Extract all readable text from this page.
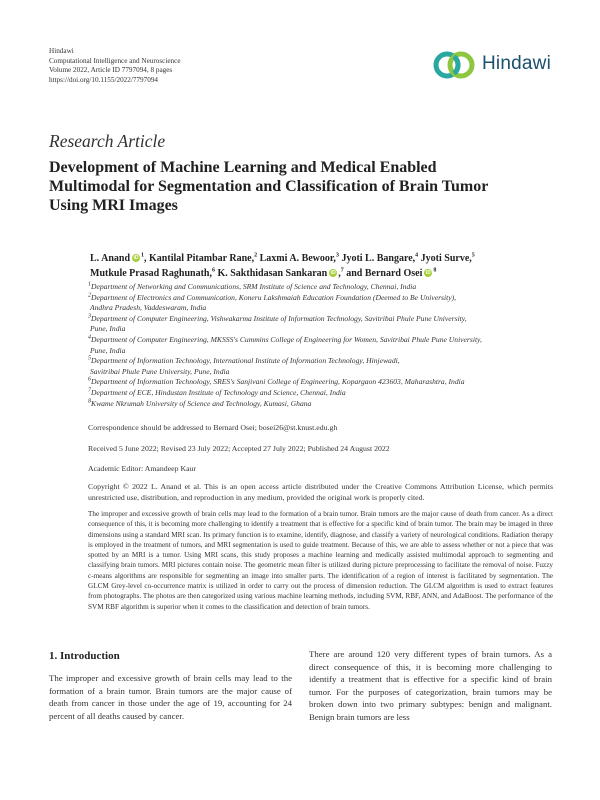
Hindawi
Computational Intelligence and Neuroscience
Volume 2022, Article ID 7797094, 8 pages
https://doi.org/10.1155/2022/7797094
Hindawi
Research Article
Development of Machine Learning and Medical Enabled
Multimodal for Segmentation and Classification of Brain Tumor
Using MRI Images
L. Anand iD $^1$, Kantilal Pitambar Rane,$^2$ Laxmi A. Bewoor,$^3$ Jyoti L. Bangare,$^4$ Jyoti Surve,$^5$
Mutkule Prasad Raghunath,$^6$ K. Sakthidasan Sankaran iD ,$^7$ and Bernard Osei iD $^8$
$^1$Department of Networking and Communications, SRM Institute of Science and Technology, Chennai, India
$^2$Department of Electronics and Communication, Koneru Lakshmaiah Education Foundation (Deemed to Be University),
Andhra Pradesh, Vaddeswaram, India
$^3$Department of Computer Engineering, Vishwakarma Institute of Information Technology, Savitribai Phule Pune University,
Pune, India
$^4$Department of Computer Engineering, MKSSS's Cummins College of Engineering for Women, Savitribai Phule Pune University,
Pune, India
$^5$Department of Information Technology, International Institute of Information Technology, Hinjewadi,
Savitribai Phule Pune University, Pune, India
$^6$Department of Information Technology, SRES's Sanjivani College of Engineering, Kopargaon 423603, Maharashtra, India
$^7$Department of ECE, Hindustan Institute of Technology and Science, Chennai, India
$^8$Kwame Nkrumah University of Science and Technology, Kumasi, Ghana
Correspondence should be addressed to Bernard Osei; bosei26@st.knust.edu.gh
Received 5 June 2022; Revised 23 July 2022; Accepted 27 July 2022; Published 24 August 2022
Academic Editor: Amandeep Kaur
Copyright © 2022 L. Anand et al. This is an open access article distributed under the Creative Commons Attribution License, which permits unrestricted use, distribution, and reproduction in any medium, provided the original work is properly cited.

The improper and excessive growth of brain cells may lead to the formation of a brain tumor. Brain tumors are the major cause of death from cancer. As a direct consequence of this, it is becoming more challenging to identify a treatment that is effective for a specific kind of brain tumor. The brain may be imaged in three dimensions using a standard MRI scan. Its primary function is to examine, identify, diagnose, and classify a variety of neurological conditions. Radiation therapy is employed in the treatment of tumors, and MRI segmentation is used to guide treatment. Because of this, we are able to assess whether or not a piece that was spotted by an MRI is a tumor. Using MRI scans, this study proposes a machine learning and medically assisted multimodal approach to segmenting and classifying brain tumors. MRI pictures contain noise. The geometric mean filter is utilized during picture preprocessing to facilitate the removal of noise. Fuzzy c-means algorithms are responsible for segmenting an image into smaller parts. The identification of a region of interest is facilitated by segmentation. The GLCM Grey-level co-occurrence matrix is utilized in order to carry out the process of dimension reduction. The GLCM algorithm is used to extract features from photographs. The photos are then categorized using various machine learning methods, including SVM, RBF, ANN, and AdaBoost. The performance of the SVM RBF algorithm is superior when it comes to the classification and detection of brain tumors.

1. Introduction

The improper and excessive growth of brain cells may lead to the formation of a brain tumor. Brain tumors are the major cause of death from cancer in those under the age of 19, accounting for 24 percent of all deaths caused by cancer.

There are around 120 very different types of brain tumors. As a direct consequence of this, it is becoming more challenging to identify a treatment that is effective for a specific kind of brain tumor. For the purposes of categorization, brain tumors may be broken down into two primary subtypes: benign and malignant. Benign brain tumors are less
